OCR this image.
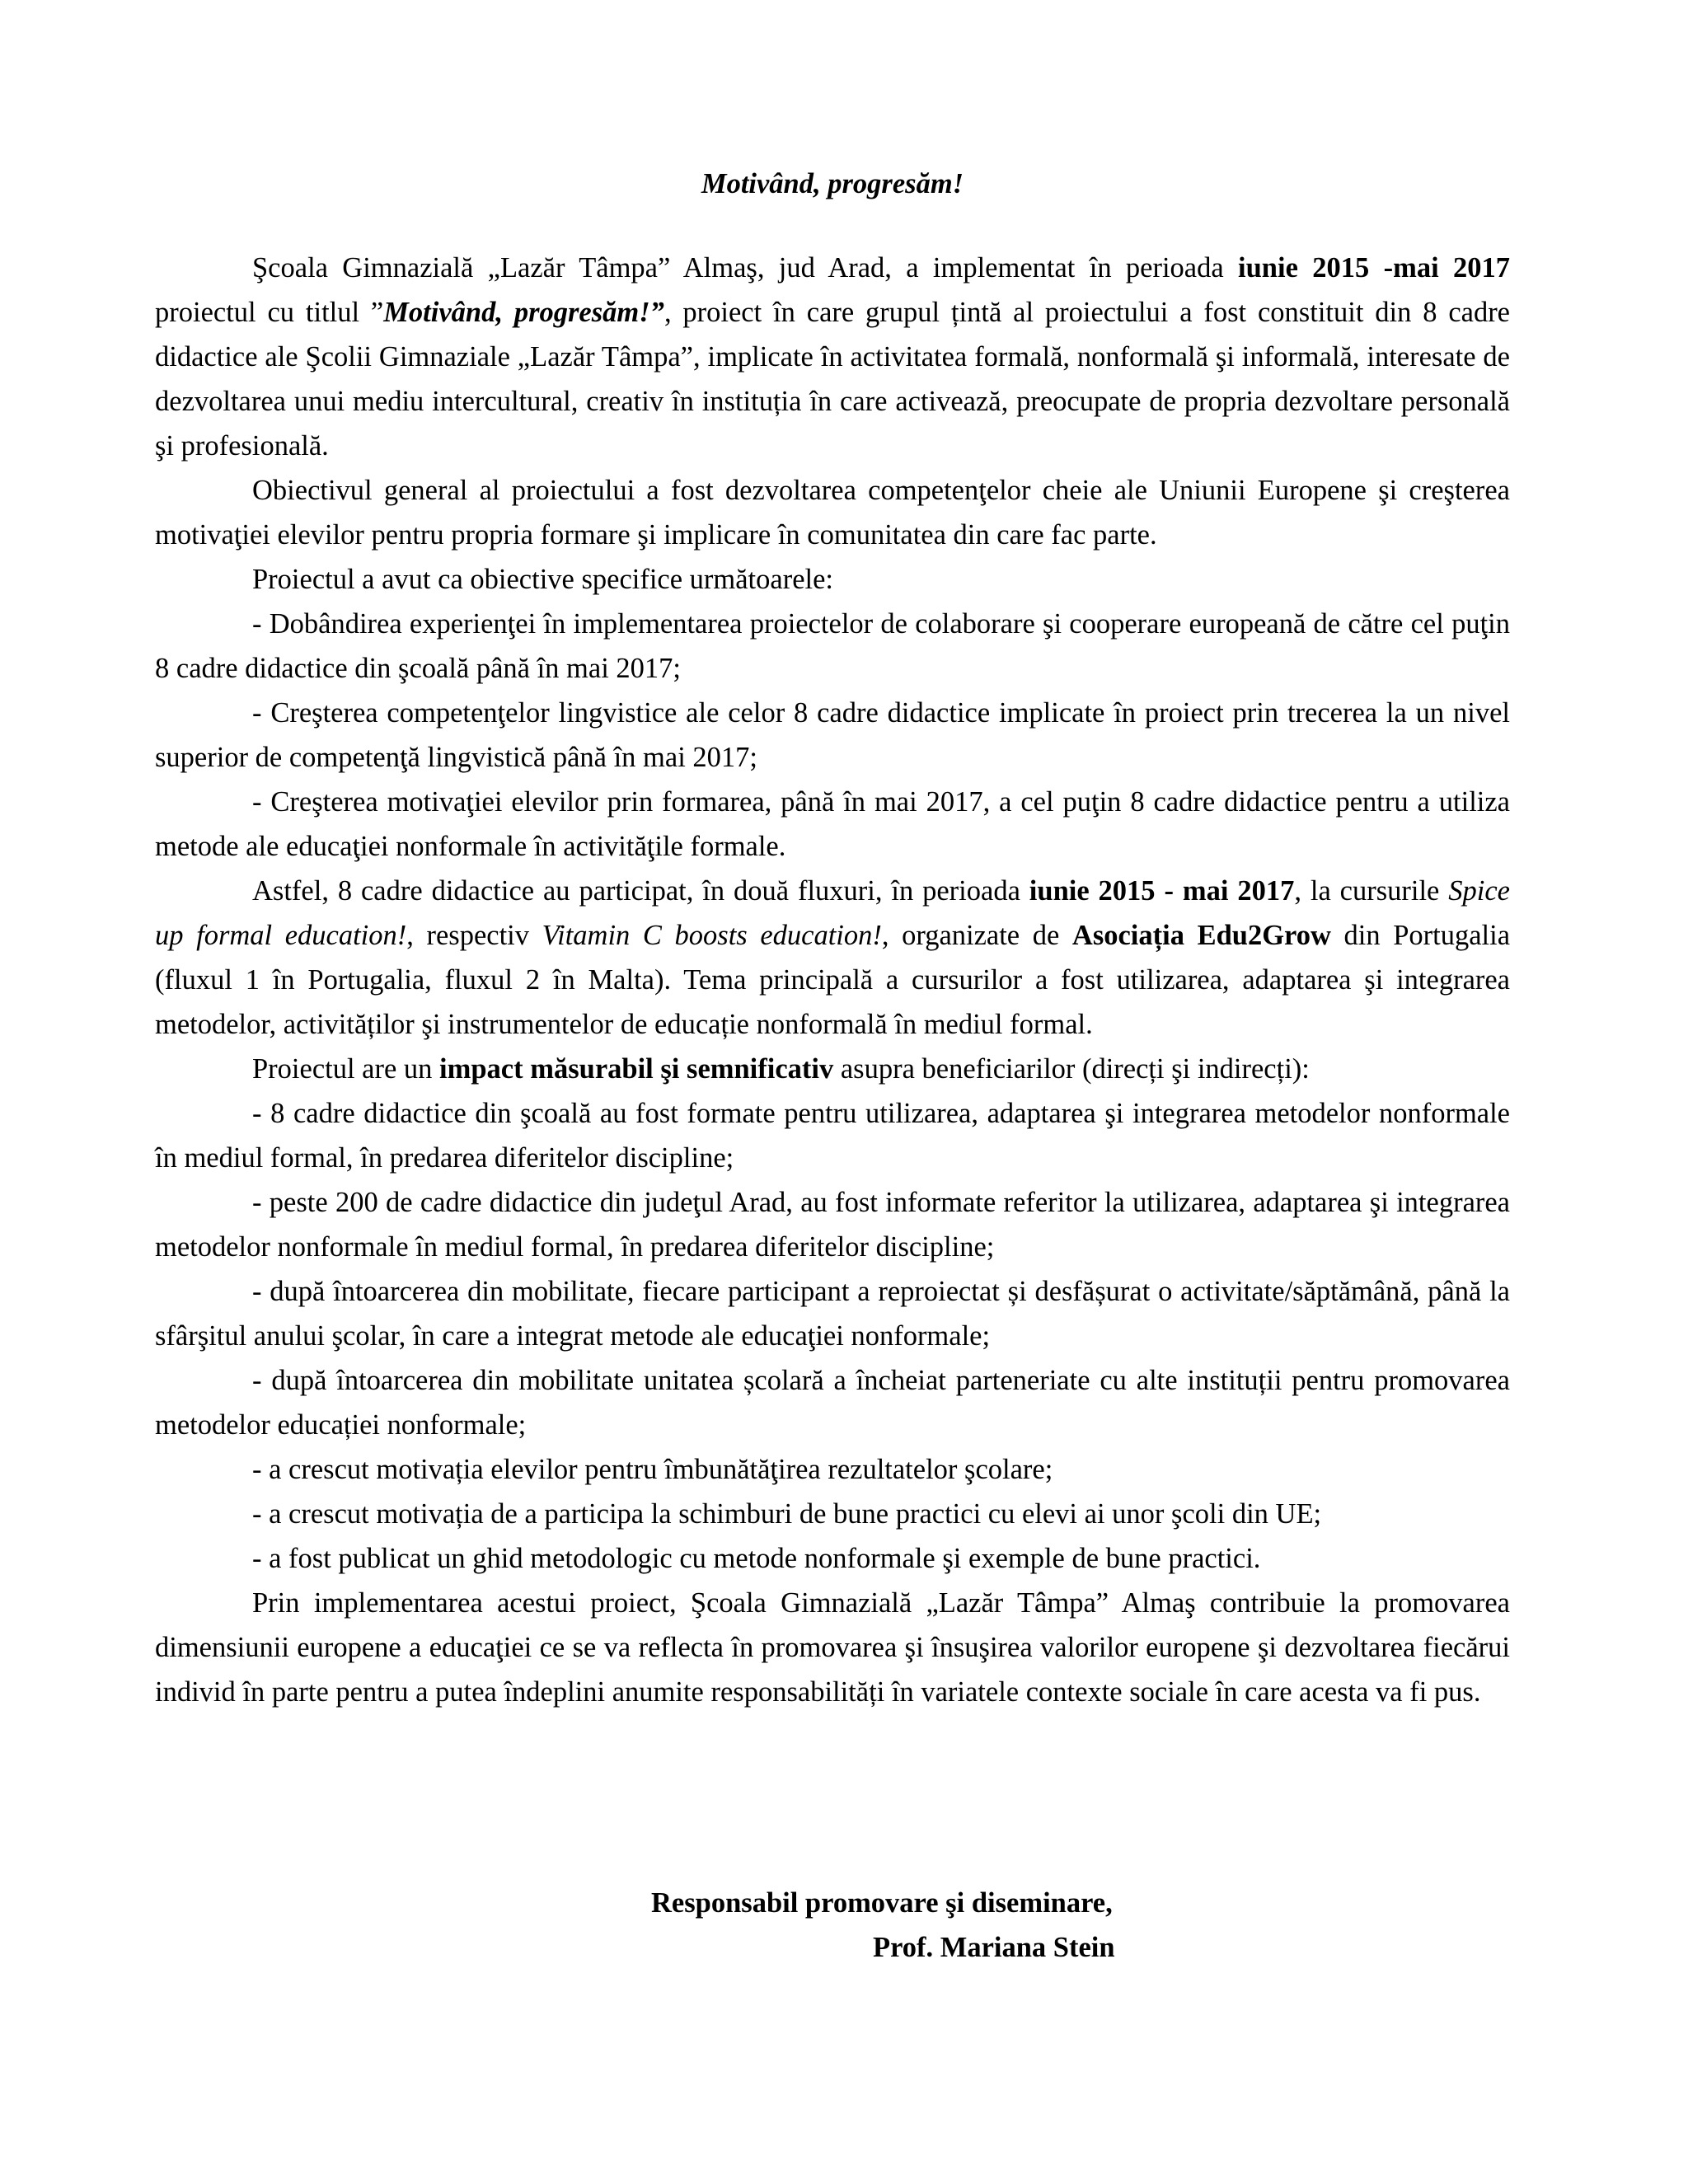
Motivând, progresăm!

Şcoala Gimnazială „Lazăr Tâmpa” Almaş, jud Arad, a implementat în perioada iunie 2015 -mai 2017 proiectul cu titlul ”Motivând, progresăm!”, proiect în care grupul țintă al proiectului a fost constituit din 8 cadre didactice ale Şcolii Gimnaziale „Lazăr Tâmpa”, implicate în activitatea formală, nonformală şi informală, interesate de dezvoltarea unui mediu intercultural, creativ în instituția în care activează, preocupate de propria dezvoltare personală şi profesională.

Obiectivul general al proiectului a fost dezvoltarea competenţelor cheie ale Uniunii Europene şi creşterea motivaţiei elevilor pentru propria formare şi implicare în comunitatea din care fac parte.

Proiectul a avut ca obiective specifice următoarele:

- Dobândirea experienţei în implementarea proiectelor de colaborare şi cooperare europeană de către cel puţin 8 cadre didactice din şcoală până în mai 2017;

- Creşterea competenţelor lingvistice ale celor 8 cadre didactice implicate în proiect prin trecerea la un nivel superior de competenţă lingvistică până în mai 2017;

- Creşterea motivaţiei elevilor prin formarea, până în mai 2017, a cel puţin 8 cadre didactice pentru a utiliza metode ale educaţiei nonformale în activităţile formale.

Astfel, 8 cadre didactice au participat, în două fluxuri, în perioada iunie 2015 - mai 2017, la cursurile Spice up formal education!, respectiv Vitamin C boosts education!, organizate de Asociația Edu2Grow din Portugalia (fluxul 1 în Portugalia, fluxul 2 în Malta). Tema principală a cursurilor a fost utilizarea, adaptarea şi integrarea metodelor, activităților şi instrumentelor de educație nonformală în mediul formal.

Proiectul are un impact măsurabil şi semnificativ asupra beneficiarilor (direcți şi indirecți):

- 8 cadre didactice din şcoală au fost formate pentru utilizarea, adaptarea şi integrarea metodelor nonformale în mediul formal, în predarea diferitelor discipline;

- peste 200 de cadre didactice din judeţul Arad, au fost informate referitor la utilizarea, adaptarea şi integrarea metodelor nonformale în mediul formal, în predarea diferitelor discipline;

- după întoarcerea din mobilitate, fiecare participant a reproiectat și desfășurat o activitate/săptămână, până la sfârşitul anului şcolar, în care a integrat metode ale educaţiei nonformale;

- după întoarcerea din mobilitate unitatea școlară a încheiat parteneriate cu alte instituții pentru promovarea metodelor educației nonformale;

- a crescut motivația elevilor pentru îmbunătăţirea rezultatelor şcolare;

- a crescut motivația de a participa la schimburi de bune practici cu elevi ai unor şcoli din UE;

- a fost publicat un ghid metodologic cu metode nonformale şi exemple de bune practici.

Prin implementarea acestui proiect, Şcoala Gimnazială „Lazăr Tâmpa” Almaş contribuie la promovarea dimensiunii europene a educaţiei ce se va reflecta în promovarea şi însuşirea valorilor europene şi dezvoltarea fiecărui individ în parte pentru a putea îndeplini anumite responsabilități în variatele contexte sociale în care acesta va fi pus.

Responsabil promovare şi diseminare,
Prof. Mariana Stein
